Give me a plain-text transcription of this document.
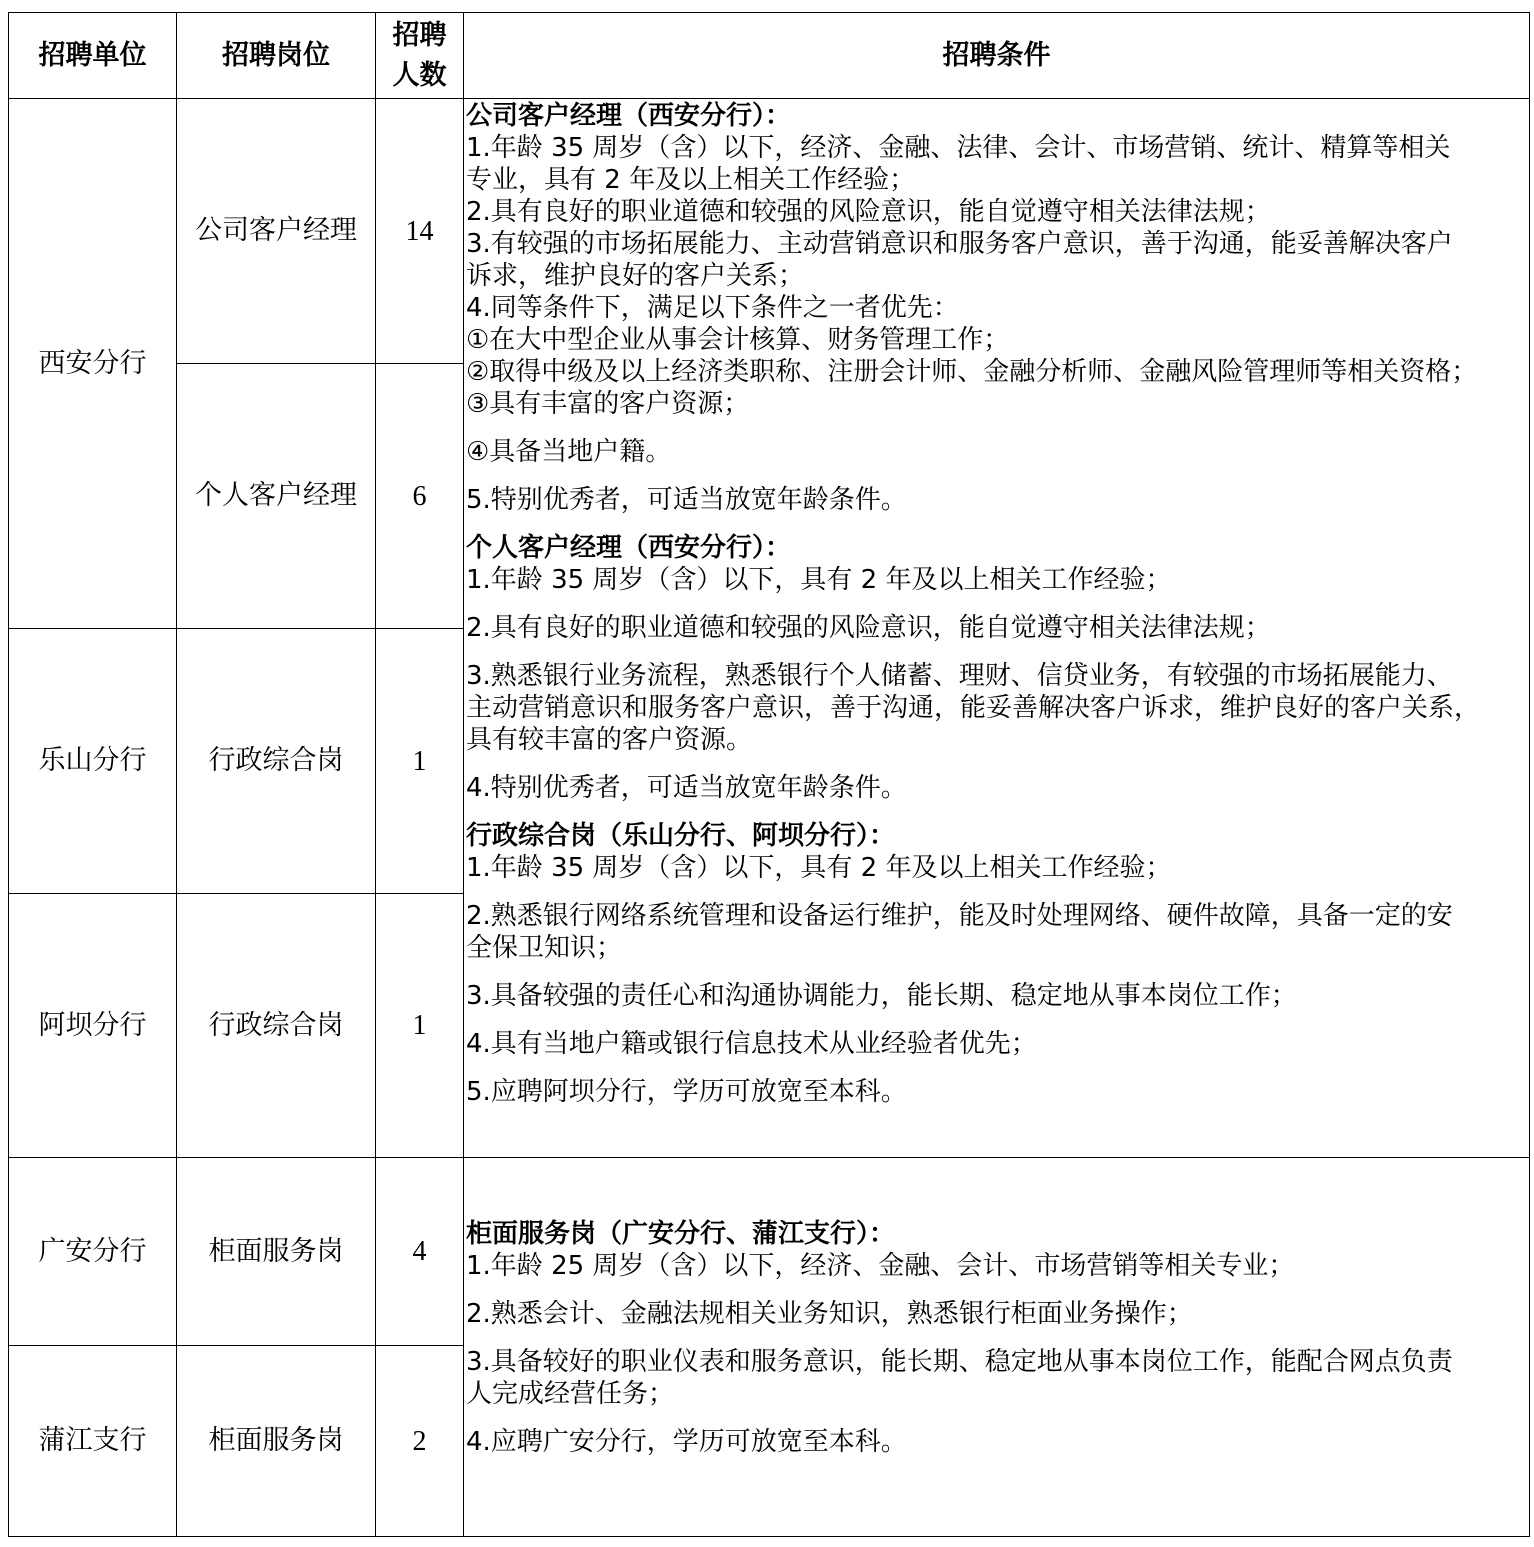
招聘单位	招聘岗位
招聘
人数
招聘条件
西安分行
乐山分行
阿坝分行
广安分行
蒲江支行
公司客户经理
个人客户经理
行政综合岗
行政综合岗
柜面服务岗
柜面服务岗
14
6
1
1
4
2
公司客户经理（西安分行）：
1.年龄 35 周岁（含）以下，经济、金融、法律、会计、市场营销、统计、精算等相关
专业，具有 2 年及以上相关工作经验；
2.具有良好的职业道德和较强的风险意识，能自觉遵守相关法律法规；
3.有较强的市场拓展能力、主动营销意识和服务客户意识，善于沟通，能妥善解决客户
诉求，维护良好的客户关系；
4.同等条件下，满足以下条件之一者优先：
①在大中型企业从事会计核算、财务管理工作；
②取得中级及以上经济类职称、注册会计师、金融分析师、金融风险管理师等相关资格；
③具有丰富的客户资源；
④具备当地户籍。
5.特别优秀者，可适当放宽年龄条件。
个人客户经理（西安分行）：
1.年龄 35 周岁（含）以下，具有 2 年及以上相关工作经验；
2.具有良好的职业道德和较强的风险意识，能自觉遵守相关法律法规；
3.熟悉银行业务流程，熟悉银行个人储蓄、理财、信贷业务，有较强的市场拓展能力、
主动营销意识和服务客户意识，善于沟通，能妥善解决客户诉求，维护良好的客户关系，
具有较丰富的客户资源。
4.特别优秀者，可适当放宽年龄条件。
行政综合岗（乐山分行、阿坝分行）：
1.年龄 35 周岁（含）以下，具有 2 年及以上相关工作经验；
2.熟悉银行网络系统管理和设备运行维护，能及时处理网络、硬件故障，具备一定的安
全保卫知识；
3.具备较强的责任心和沟通协调能力，能长期、稳定地从事本岗位工作；
4.具有当地户籍或银行信息技术从业经验者优先；
5.应聘阿坝分行，学历可放宽至本科。
柜面服务岗（广安分行、蒲江支行）：
1.年龄 25 周岁（含）以下，经济、金融、会计、市场营销等相关专业；
2.熟悉会计、金融法规相关业务知识，熟悉银行柜面业务操作；
3.具备较好的职业仪表和服务意识，能长期、稳定地从事本岗位工作，能配合网点负责
人完成经营任务；
4.应聘广安分行，学历可放宽至本科。
